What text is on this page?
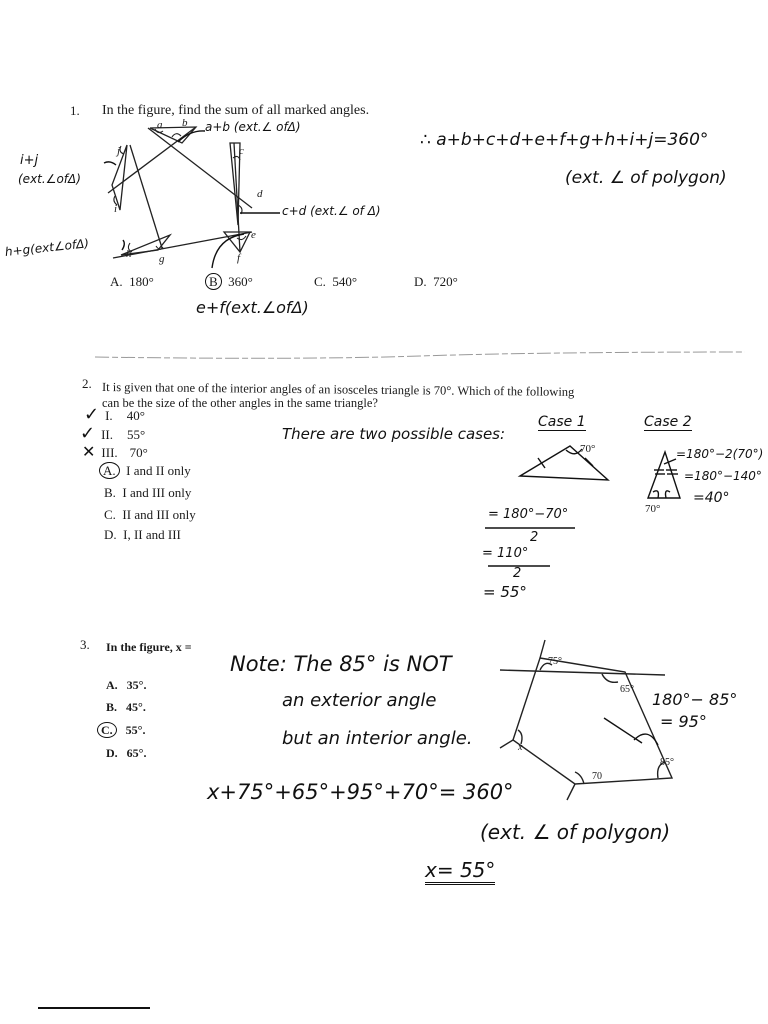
1. In the figure, find the sum of all marked angles.
a b
c
d
e
f
g
h
i
j
a+b (ext.∠ ofΔ)
i+j
(ext.∠ofΔ)
c+d (ext.∠ of Δ)
h+g(ext∠ofΔ)
e+f(ext.∠ofΔ)
∴ a+b+c+d+e+f+g+h+i+j=360°
(ext. ∠ of polygon)
A. 180°	B 360°	C. 540°	D. 720°
2. It is given that one of the interior angles of an isosceles triangle is 70°. Which of the following
can be the size of the other angles in the same triangle?
✓ I. 40°
✓ II. 55°
✕ III. 70°
A. I and II only
B. I and III only
C. II and III only
D. I, II and III
There are two possible cases:
Case 1	Case 2
70°
70°
= 180°−70°
2
= 110°
2
= 55°
=180°−2(70°)
=180°−140°
=40°
3. In the figure, x =
A. 35°.
B. 45°.
C. 55°.
D. 65°.
75°
65°
85°
70
x
Note: The 85° is NOT
an exterior angle
but an interior angle.
180°− 85°
= 95°
x+75°+65°+95°+70°= 360°
(ext. ∠ of polygon)
x= 55°
